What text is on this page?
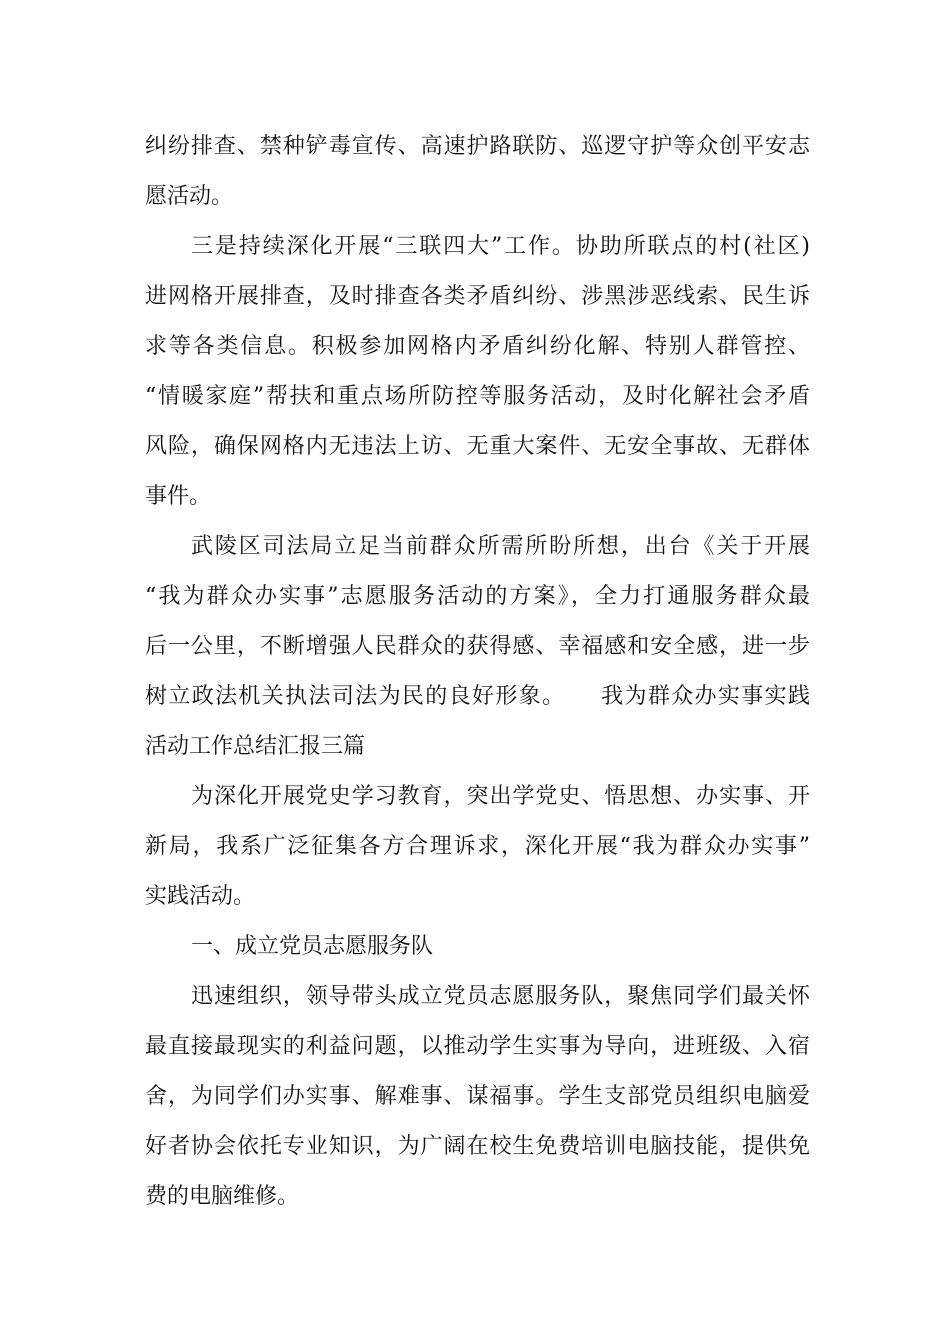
纠纷排查、禁种铲毒宣传、高速护路联防、巡逻守护等众创平安志
愿活动。
三是持续深化开展“三联四大”工作。协助所联点的村(社区)
进网格开展排查，及时排查各类矛盾纠纷、涉黑涉恶线索、民生诉
求等各类信息。积极参加网格内矛盾纠纷化解、特别人群管控、
“情暖家庭”帮扶和重点场所防控等服务活动，及时化解社会矛盾
风险，确保网格内无违法上访、无重大案件、无安全事故、无群体
事件。
武陵区司法局立足当前群众所需所盼所想，出台《关于开展
“我为群众办实事”志愿服务活动的方案》，全力打通服务群众最
后一公里，不断增强人民群众的获得感、幸福感和安全感，进一步
树立政法机关执法司法为民的良好形象。　　我为群众办实事实践
活动工作总结汇报三篇
为深化开展党史学习教育，突出学党史、悟思想、办实事、开
新局，我系广泛征集各方合理诉求，深化开展“我为群众办实事”
实践活动。
一、成立党员志愿服务队
迅速组织，领导带头成立党员志愿服务队，聚焦同学们最关怀
最直接最现实的利益问题，以推动学生实事为导向，进班级、入宿
舍，为同学们办实事、解难事、谋福事。学生支部党员组织电脑爱
好者协会依托专业知识，为广阔在校生免费培训电脑技能，提供免
费的电脑维修。
